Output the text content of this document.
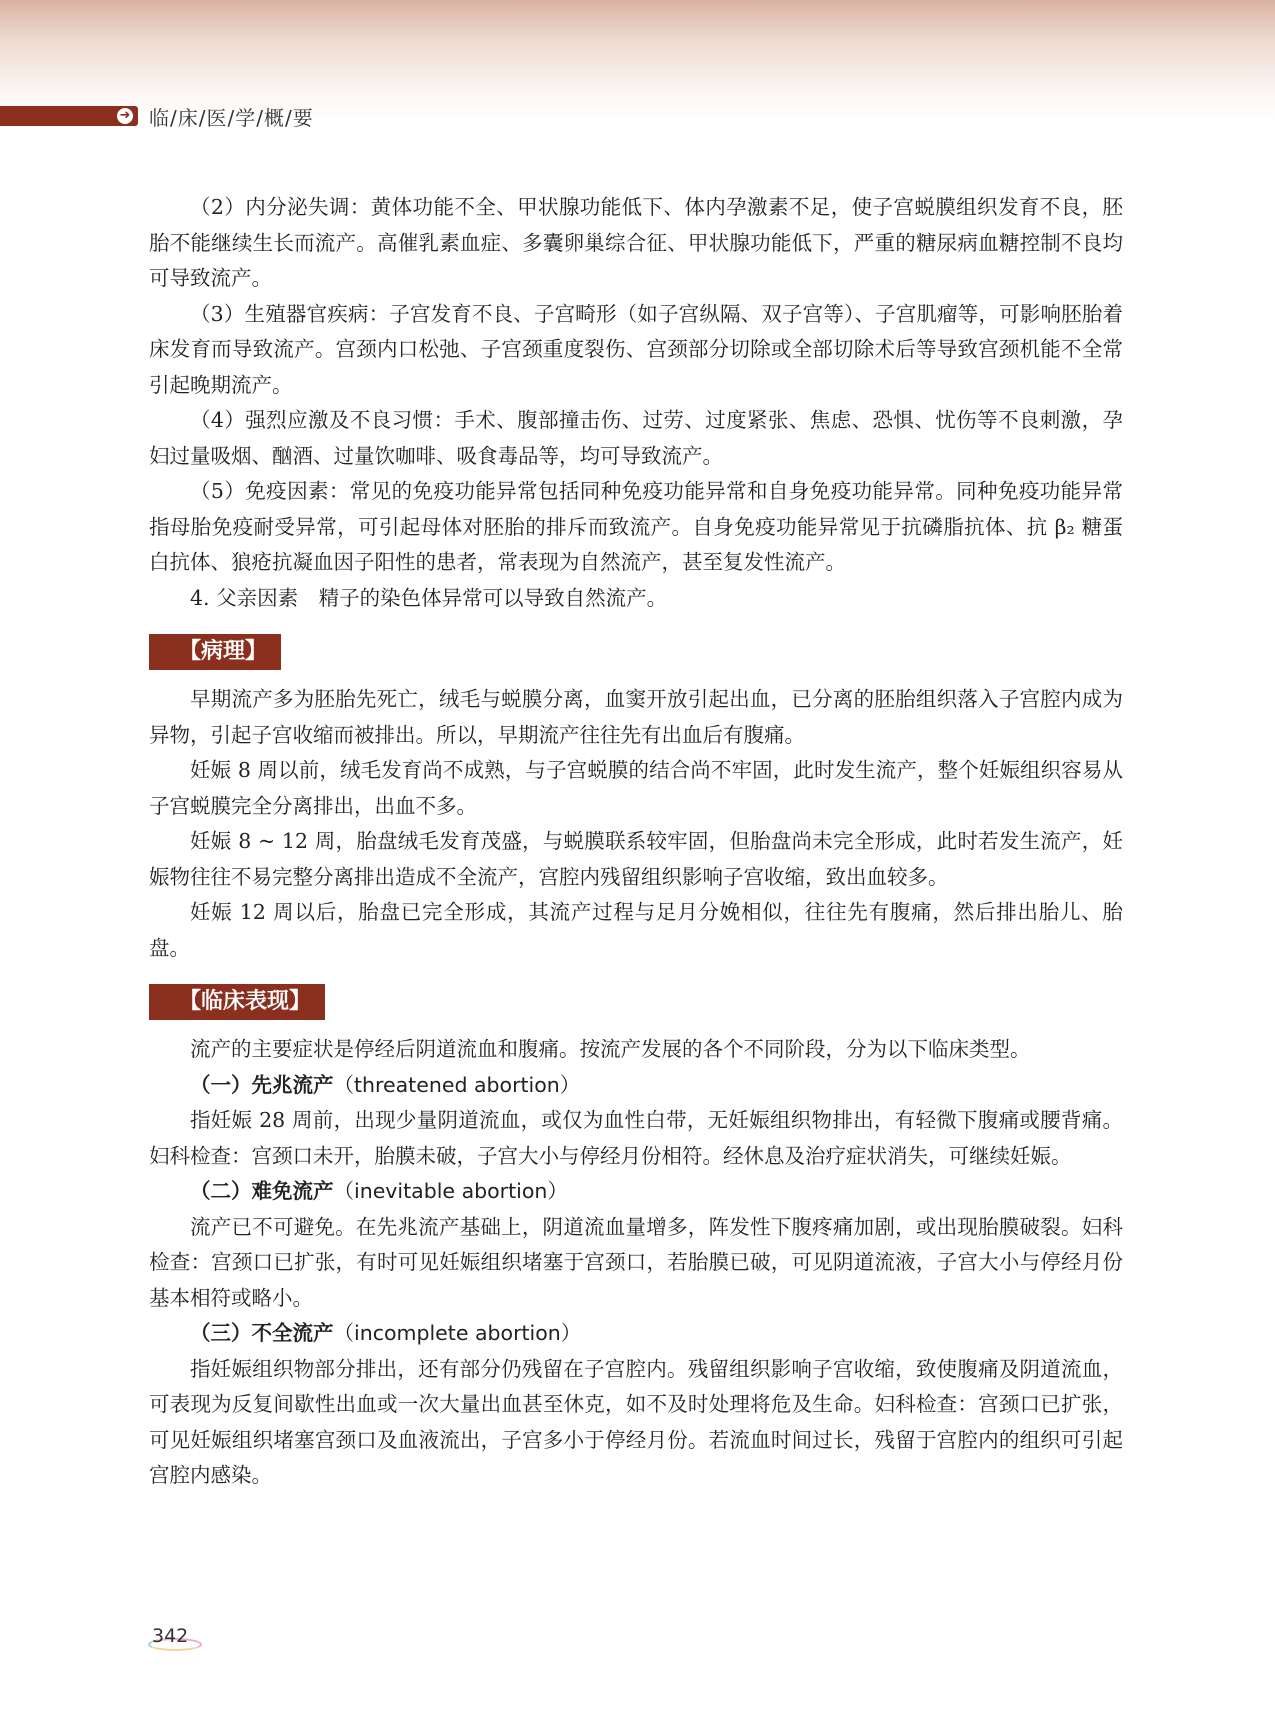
➜ 临/床/医/学/概/要

（2）内分泌失调：黄体功能不全、甲状腺功能低下、体内孕激素不足，使子宫蜕膜组织发育不良，胚胎不能继续生长而流产。高催乳素血症、多囊卵巢综合征、甲状腺功能低下，严重的糖尿病血糖控制不良均可导致流产。

（3）生殖器官疾病：子宫发育不良、子宫畸形（如子宫纵隔、双子宫等）、子宫肌瘤等，可影响胚胎着床发育而导致流产。宫颈内口松弛、子宫颈重度裂伤、宫颈部分切除或全部切除术后等导致宫颈机能不全常引起晚期流产。

（4）强烈应激及不良习惯：手术、腹部撞击伤、过劳、过度紧张、焦虑、恐惧、忧伤等不良刺激，孕妇过量吸烟、酗酒、过量饮咖啡、吸食毒品等，均可导致流产。

（5）免疫因素：常见的免疫功能异常包括同种免疫功能异常和自身免疫功能异常。同种免疫功能异常指母胎免疫耐受异常，可引起母体对胚胎的排斥而致流产。自身免疫功能异常见于抗磷脂抗体、抗 β₂ 糖蛋白抗体、狼疮抗凝血因子阳性的患者，常表现为自然流产，甚至复发性流产。

4. 父亲因素　精子的染色体异常可以导致自然流产。

【病理】

早期流产多为胚胎先死亡，绒毛与蜕膜分离，血窦开放引起出血，已分离的胚胎组织落入子宫腔内成为异物，引起子宫收缩而被排出。所以，早期流产往往先有出血后有腹痛。

妊娠 8 周以前，绒毛发育尚不成熟，与子宫蜕膜的结合尚不牢固，此时发生流产，整个妊娠组织容易从子宫蜕膜完全分离排出，出血不多。

妊娠 8 ~ 12 周，胎盘绒毛发育茂盛，与蜕膜联系较牢固，但胎盘尚未完全形成，此时若发生流产，妊娠物往往不易完整分离排出造成不全流产，宫腔内残留组织影响子宫收缩，致出血较多。

妊娠 12 周以后，胎盘已完全形成，其流产过程与足月分娩相似，往往先有腹痛，然后排出胎儿、胎盘。

【临床表现】

流产的主要症状是停经后阴道流血和腹痛。按流产发展的各个不同阶段，分为以下临床类型。

（一）先兆流产（threatened abortion）

指妊娠 28 周前，出现少量阴道流血，或仅为血性白带，无妊娠组织物排出，有轻微下腹痛或腰背痛。妇科检查：宫颈口未开，胎膜未破，子宫大小与停经月份相符。经休息及治疗症状消失，可继续妊娠。

（二）难免流产（inevitable abortion）

流产已不可避免。在先兆流产基础上，阴道流血量增多，阵发性下腹疼痛加剧，或出现胎膜破裂。妇科检查：宫颈口已扩张，有时可见妊娠组织堵塞于宫颈口，若胎膜已破，可见阴道流液，子宫大小与停经月份基本相符或略小。

（三）不全流产（incomplete abortion）

指妊娠组织物部分排出，还有部分仍残留在子宫腔内。残留组织影响子宫收缩，致使腹痛及阴道流血，可表现为反复间歇性出血或一次大量出血甚至休克，如不及时处理将危及生命。妇科检查：宫颈口已扩张，可见妊娠组织堵塞宫颈口及血液流出，子宫多小于停经月份。若流血时间过长，残留于宫腔内的组织可引起宫腔内感染。

342
